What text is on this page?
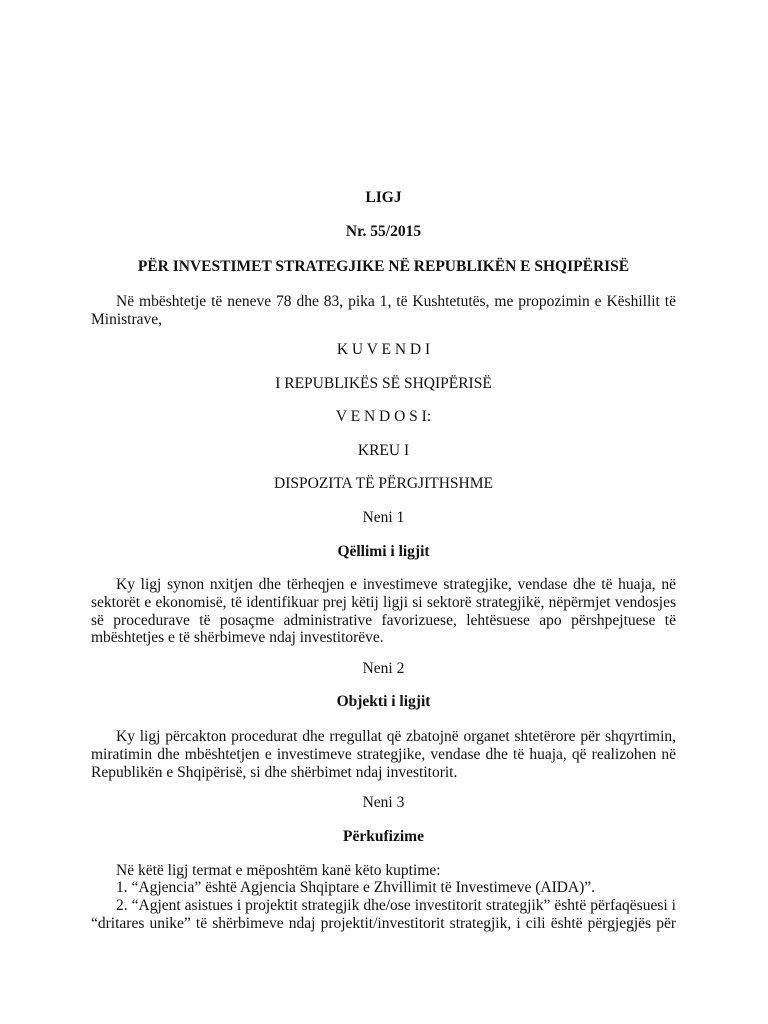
LIGJ
Nr. 55/2015
PËR INVESTIMET STRATEGJIKE NË REPUBLIKËN E SHQIPËRISË
Në mbështetje të neneve 78 dhe 83, pika 1, të Kushtetutës, me propozimin e Këshillit të
Ministrave,
K U V E N D I
I REPUBLIKËS SË SHQIPËRISË
V E N D O S I:
KREU I
DISPOZITA TË PËRGJITHSHME
Neni 1
Qëllimi i ligjit
Ky ligj synon nxitjen dhe tërheqjen e investimeve strategjike, vendase dhe të huaja, në
sektorët e ekonomisë, të identifikuar prej këtij ligji si sektorë strategjikë, nëpërmjet vendosjes
së procedurave të posaçme administrative favorizuese, lehtësuese apo përshpejtuese të
mbështetjes e të shërbimeve ndaj investitorëve.
Neni 2
Objekti i ligjit
Ky ligj përcakton procedurat dhe rregullat që zbatojnë organet shtetërore për shqyrtimin,
miratimin dhe mbështetjen e investimeve strategjike, vendase dhe të huaja, që realizohen në
Republikën e Shqipërisë, si dhe shërbimet ndaj investitorit.
Neni 3
Përkufizime
Në këtë ligj termat e mëposhtëm kanë këto kuptime:
1. “Agjencia” është Agjencia Shqiptare e Zhvillimit të Investimeve (AIDA)”.
2. “Agjent asistues i projektit strategjik dhe/ose investitorit strategjik” është përfaqësuesi i
“dritares unike” të shërbimeve ndaj projektit/investitorit strategjik, i cili është përgjegjës për
